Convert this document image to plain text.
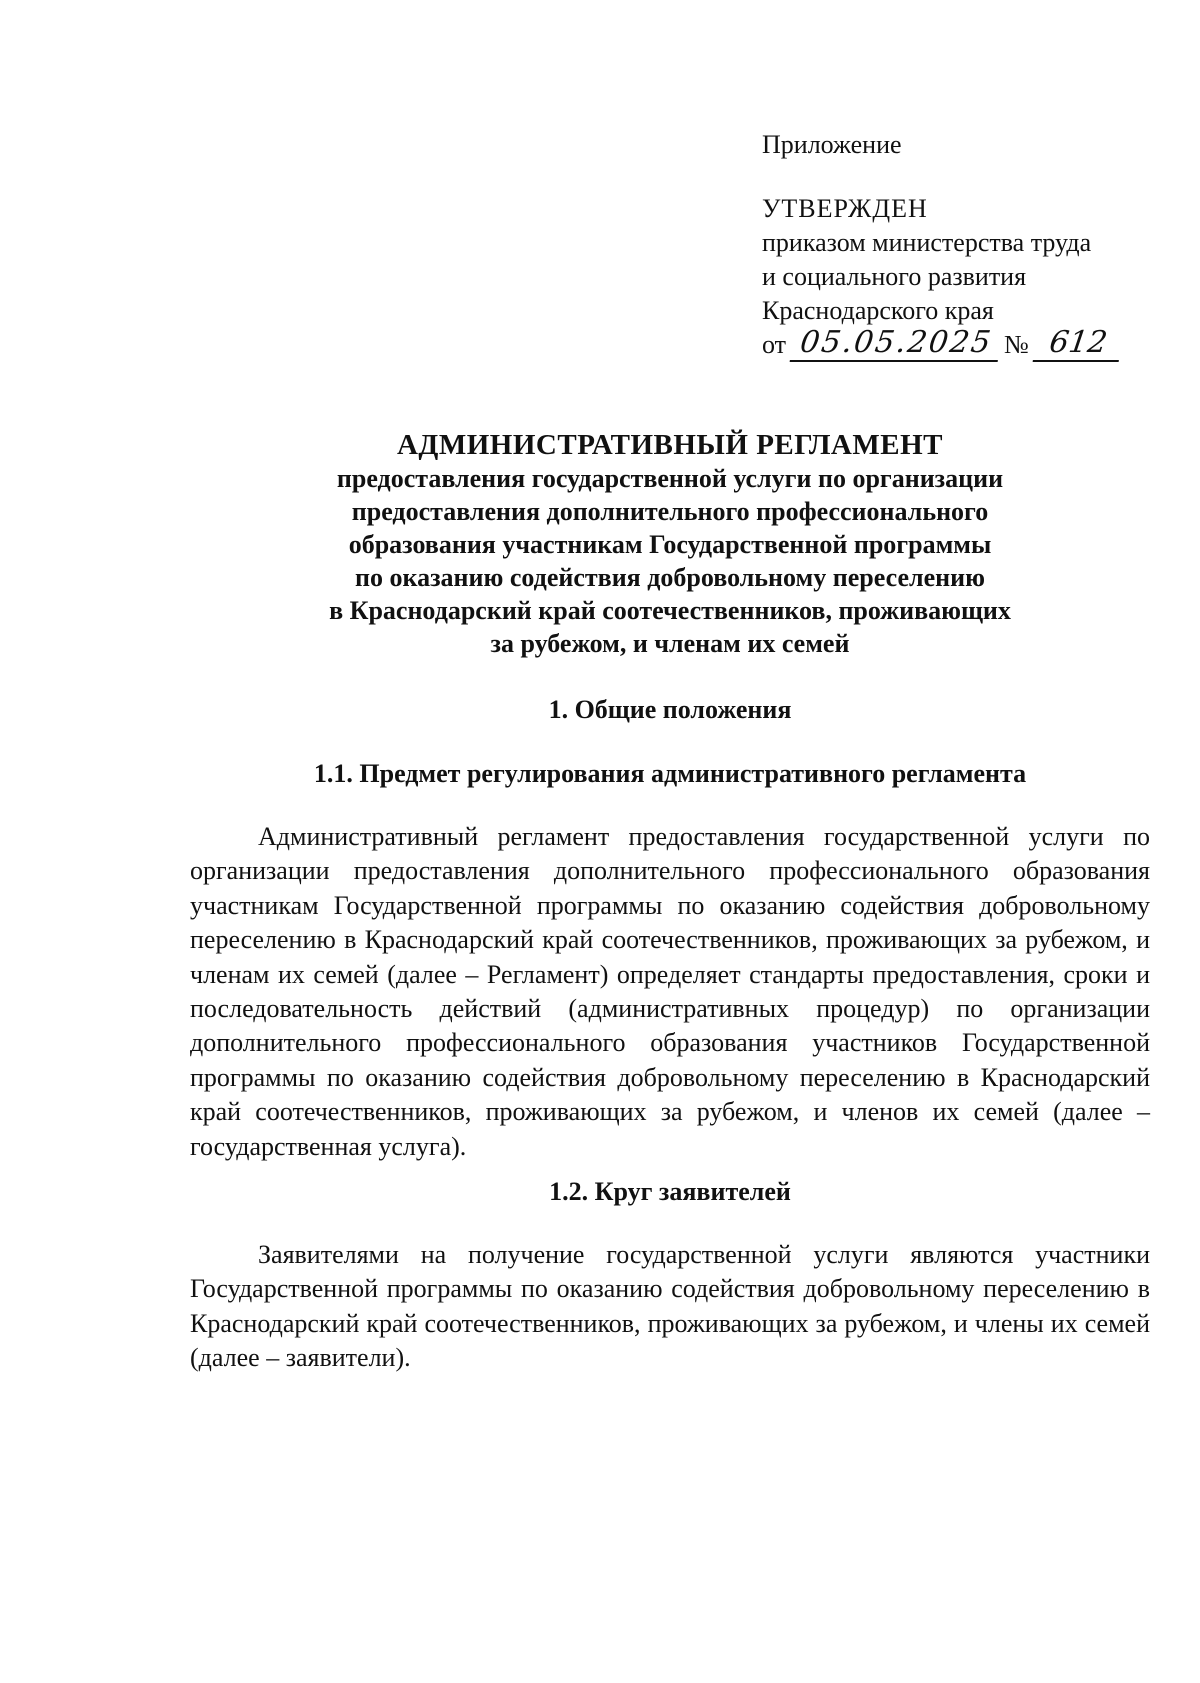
Приложение
УТВЕРЖДЕН
приказом министерства труда
и социального развития
Краснодарского края
от 05.05.2025 № 612
АДМИНИСТРАТИВНЫЙ РЕГЛАМЕНТ
предоставления государственной услуги по организации
предоставления дополнительного профессионального
образования участникам Государственной программы
по оказанию содействия добровольному переселению
в Краснодарский край соотечественников, проживающих
за рубежом, и членам их семей
1. Общие положения
1.1. Предмет регулирования административного регламента
Административный регламент предоставления государственной услуги по организации предоставления дополнительного профессионального образования участникам Государственной программы по оказанию содействия добровольному переселению в Краснодарский край соотечественников, проживающих за рубежом, и членам их семей (далее – Регламент) определяет стандарты предоставления, сроки и последовательность действий (административных процедур) по организации дополнительного профессионального образования участников Государственной программы по оказанию содействия добровольному переселению в Краснодарский край соотечественников, проживающих за рубежом, и членов их семей (далее – государственная услуга).
1.2. Круг заявителей
Заявителями на получение государственной услуги являются участники Государственной программы по оказанию содействия добровольному переселению в Краснодарский край соотечественников, проживающих за рубежом, и члены их семей (далее – заявители).
